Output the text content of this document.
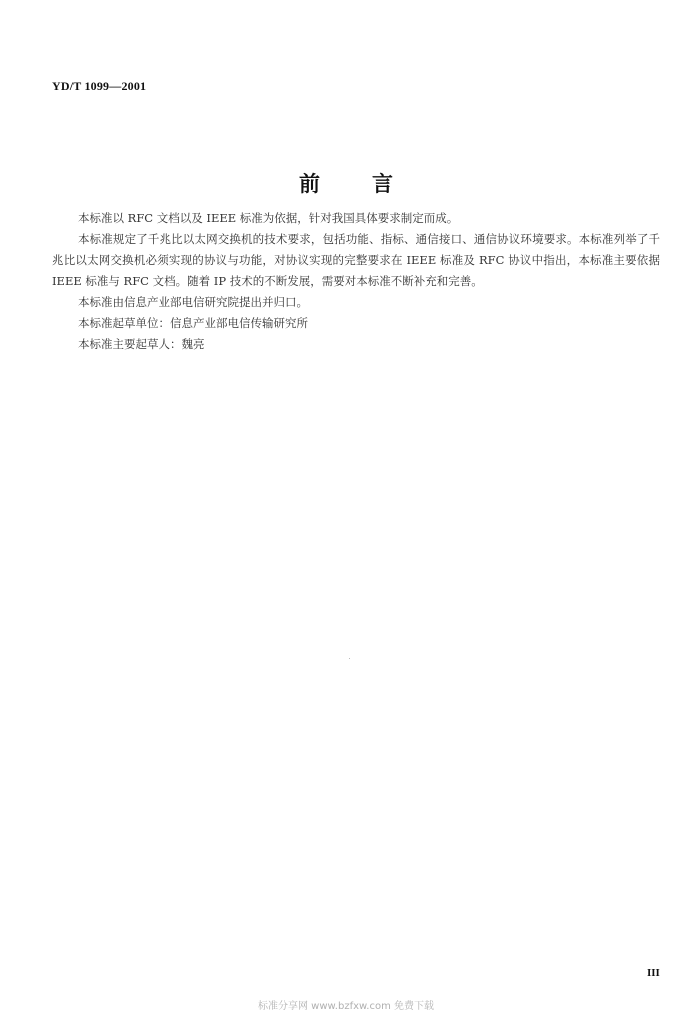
YD/T 1099—2001
前 言

本标准以 RFC 文档以及 IEEE 标准为依据，针对我国具体要求制定而成。

本标准规定了千兆比以太网交换机的技术要求，包括功能、指标、通信接口、通信协议环境要求。本标准列举了千兆比以太网交换机必须实现的协议与功能，对协议实现的完整要求在 IEEE 标准及 RFC 协议中指出，本标准主要依据 IEEE 标准与 RFC 文档。随着 IP 技术的不断发展，需要对本标准不断补充和完善。

本标准由信息产业部电信研究院提出并归口。

本标准起草单位：信息产业部电信传输研究所

本标准主要起草人：魏亮

III
标准分享网 www.bzfxw.com 免费下载
